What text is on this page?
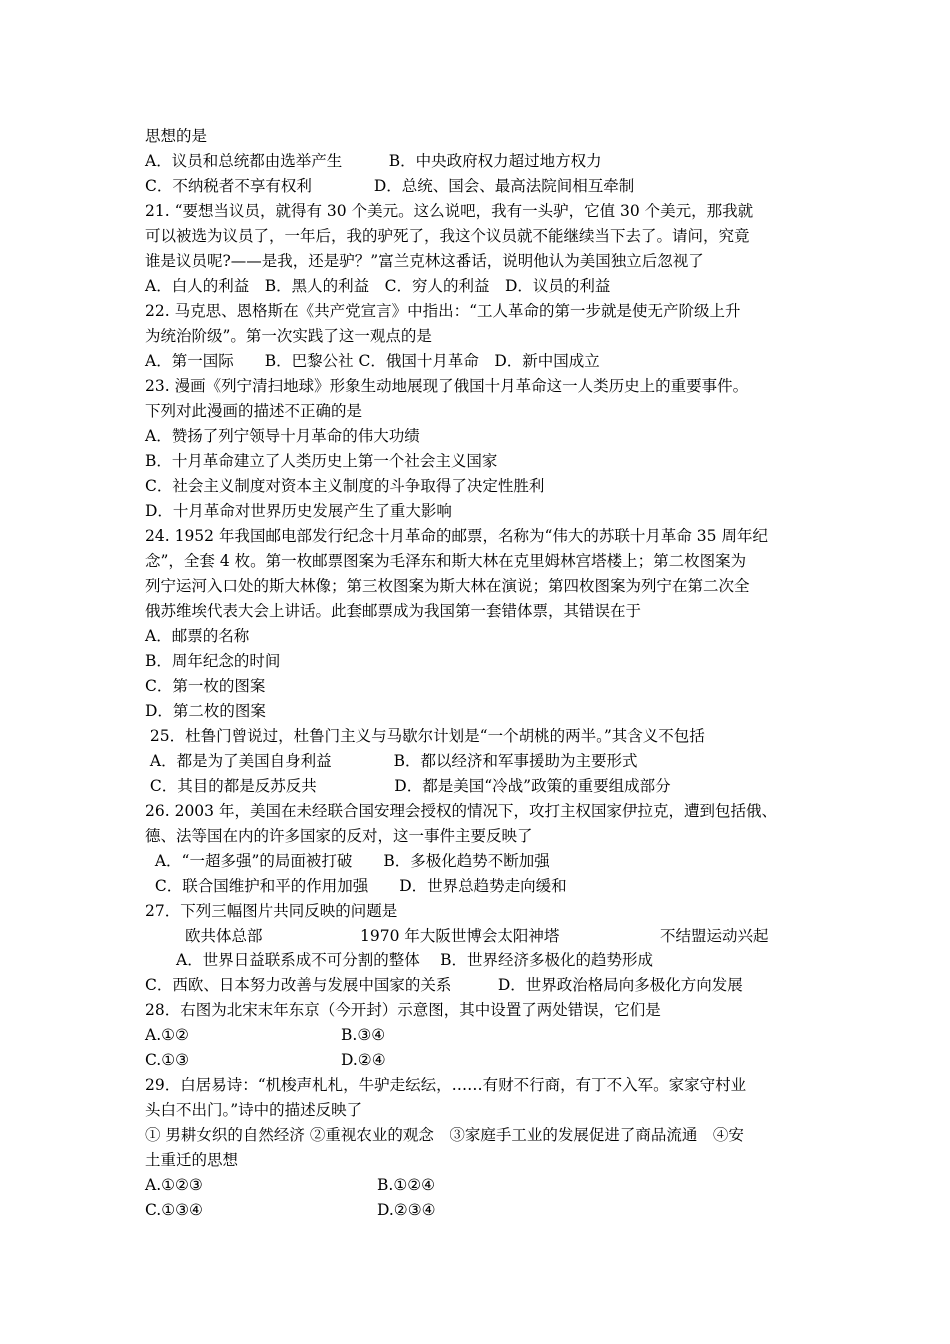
思想的是
A．议员和总统都由选举产生　　　B．中央政府权力超过地方权力
C．不纳税者不享有权利　　　　D．总统、国会、最高法院间相互牵制
21. “要想当议员，就得有 30 个美元。这么说吧，我有一头驴，它值 30 个美元，那我就
可以被选为议员了，一年后，我的驴死了，我这个议员就不能继续当下去了。请问，究竟
谁是议员呢?——是我，还是驴？”富兰克林这番话，说明他认为美国独立后忽视了
A．白人的利益　B．黑人的利益　C．穷人的利益　D．议员的利益
22. 马克思、恩格斯在《共产党宣言》中指出：“工人革命的第一步就是使无产阶级上升
为统治阶级”。第一次实践了这一观点的是
A．第一国际　　B．巴黎公社 C．俄国十月革命　D．新中国成立
23. 漫画《列宁清扫地球》形象生动地展现了俄国十月革命这一人类历史上的重要事件。
下列对此漫画的描述不正确的是
A．赞扬了列宁领导十月革命的伟大功绩
B．十月革命建立了人类历史上第一个社会主义国家
C．社会主义制度对资本主义制度的斗争取得了决定性胜利
D．十月革命对世界历史发展产生了重大影响
24. 1952 年我国邮电部发行纪念十月革命的邮票，名称为“伟大的苏联十月革命 35 周年纪
念”，全套 4 枚。第一枚邮票图案为毛泽东和斯大林在克里姆林宫塔楼上；第二枚图案为
列宁运河入口处的斯大林像；第三枚图案为斯大林在演说；第四枚图案为列宁在第二次全
俄苏维埃代表大会上讲话。此套邮票成为我国第一套错体票，其错误在于
A．邮票的名称
B．周年纪念的时间
C．第一枚的图案
D．第二枚的图案
25．杜鲁门曾说过，杜鲁门主义与马歇尔计划是“一个胡桃的两半。”其含义不包括
A．都是为了美国自身利益　　　　B．都以经济和军事援助为主要形式
C．其目的都是反苏反共　　　　　D．都是美国“冷战”政策的重要组成部分
26. 2003 年，美国在未经联合国安理会授权的情况下，攻打主权国家伊拉克，遭到包括俄、
德、法等国在内的许多国家的反对，这一事件主要反映了
A．“一超多强”的局面被打破　　B．多极化趋势不断加强
C．联合国维护和平的作用加强　　D．世界总趋势走向缓和
27．下列三幅图片共同反映的问题是
欧共体总部	1970 年大阪世博会太阳神塔	不结盟运动兴起
　　A．世界日益联系成不可分割的整体　 B．世界经济多极化的趋势形成
C．西欧、日本努力改善与发展中国家的关系　　　D．世界政治格局向多极化方向发展
28．右图为北宋末年东京（今开封）示意图，其中设置了两处错误，它们是
A.①②	B.③④
C.①③	D.②④
29．白居易诗：“机梭声札札，牛驴走纭纭，……有财不行商，有丁不入军。家家守村业
头白不出门。”诗中的描述反映了
① 男耕女织的自然经济 ②重视农业的观念　③家庭手工业的发展促进了商品流通　④安
土重迁的思想
A.①②③	B.①②④
C.①③④	D.②③④
